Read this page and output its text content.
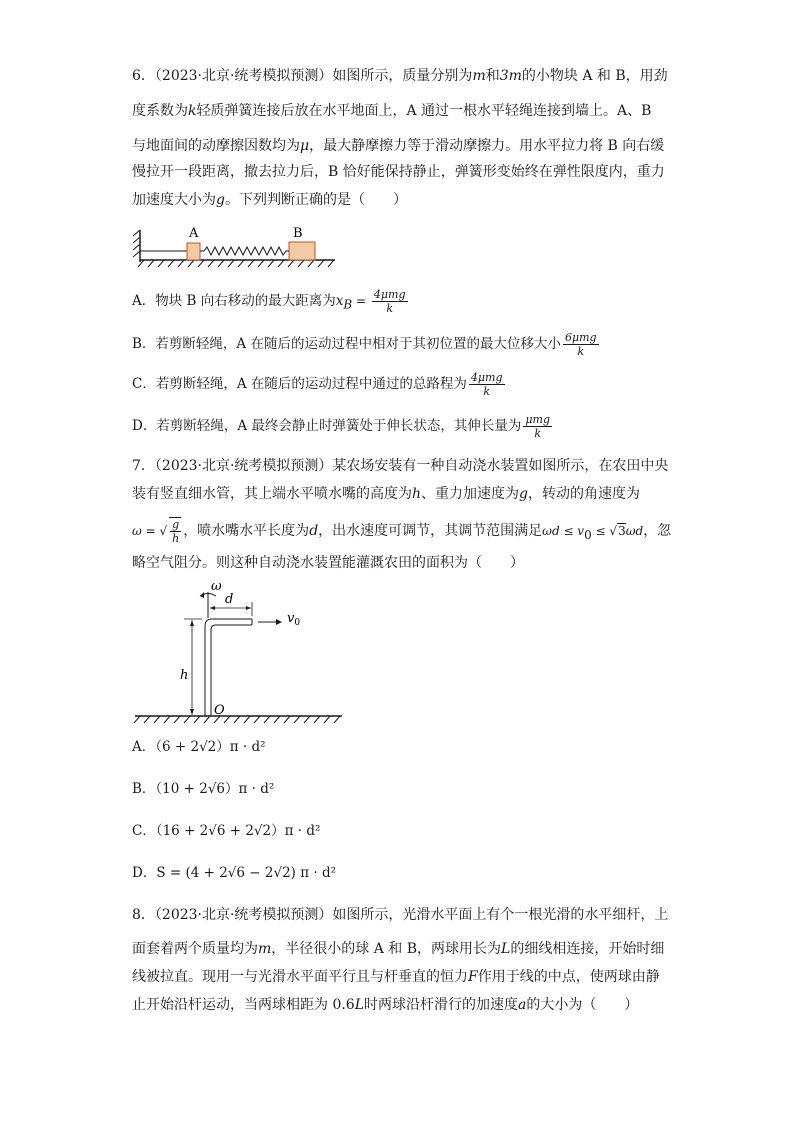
6．（2023·北京·统考模拟预测）如图所示，质量分别为m和3m的小物块 A 和 B，用劲
度系数为k轻质弹簧连接后放在水平地面上，A 通过一根水平轻绳连接到墙上。A、B
与地面间的动摩擦因数均为μ，最大静摩擦力等于滑动摩擦力。用水平拉力将 B 向右缓
慢拉开一段距离，撤去拉力后，B 恰好能保持静止，弹簧形变始终在弹性限度内，重力
加速度大小为g。下列判断正确的是（　　）
A	B
A．物块 B 向右移动的最大距离为$x_B = \frac{\text{4μmg}}{k}$
B．若剪断轻绳，A 在随后的运动过程中相对于其初位置的最大位移大小 $\frac{\text{6μmg}}{k}$
C．若剪断轻绳，A 在随后的运动过程中通过的总路程为 $\frac{\text{4μmg}}{k}$
D．若剪断轻绳，A 最终会静止时弹簧处于伸长状态，其伸长量为 $\frac{\text{μmg}}{k}$
7．（2023·北京·统考模拟预测）某农场安装有一种自动浇水装置如图所示，在农田中央
装有竖直细水管，其上端水平喷水嘴的高度为h、重力加速度为g，转动的角速度为
ω = √ $\frac{g}{h}$ ，喷水嘴水平长度为d，出水速度可调节，其调节范围满足$\omega d \le v_0 \le √3\omega d$，忽
略空气阻分。则这种自动浇水装置能灌溉农田的面积为（　　）
ω
d
$v_0$
h
O
A．（6 + 2√2）π · d²
B．（10 + 2√6）π · d²
C．（16 + 2√6 + 2√2）π · d²
D．S = (4 + 2√6 − 2√2) π · d²
8．（2023·北京·统考模拟预测）如图所示，光滑水平面上有个一根光滑的水平细杆，上
面套着两个质量均为m，半径很小的球 A 和 B，两球用长为L的细线相连接，开始时细
线被拉直。现用一与光滑水平面平行且与杆垂直的恒力F作用于线的中点，使两球由静
止开始沿杆运动，当两球相距为 0.6L时两球沿杆滑行的加速度a的大小为（　　）
